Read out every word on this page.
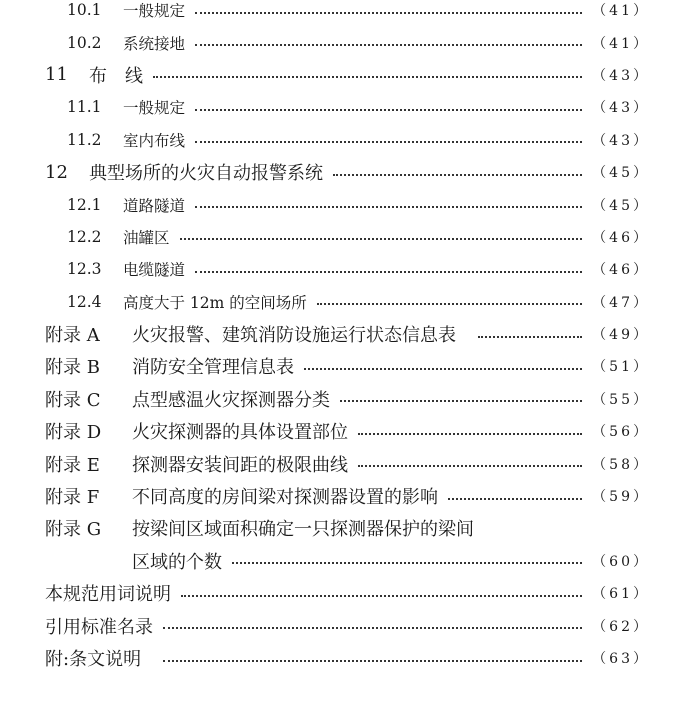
10.1	一般规定	（41）
10.2	系统接地	（41）
11	布　线	（43）
11.1	一般规定	（43）
11.2	室内布线	（43）
12	典型场所的火灾自动报警系统	（45）
12.1	道路隧道	（45）
12.2	油罐区	（46）
12.3	电缆隧道	（46）
12.4	高度大于 12m 的空间场所	（47）
附录 A	火灾报警、建筑消防设施运行状态信息表	（49）
附录 B	消防安全管理信息表	（51）
附录 C	点型感温火灾探测器分类	（55）
附录 D	火灾探测器的具体设置部位	（56）
附录 E	探测器安装间距的极限曲线	（58）
附录 F	不同高度的房间梁对探测器设置的影响	（59）
附录 G	按梁间区域面积确定一只探测器保护的梁间
区域的个数	（60）
本规范用词说明	（61）
引用标准名录	（62）
附:条文说明	（63）
